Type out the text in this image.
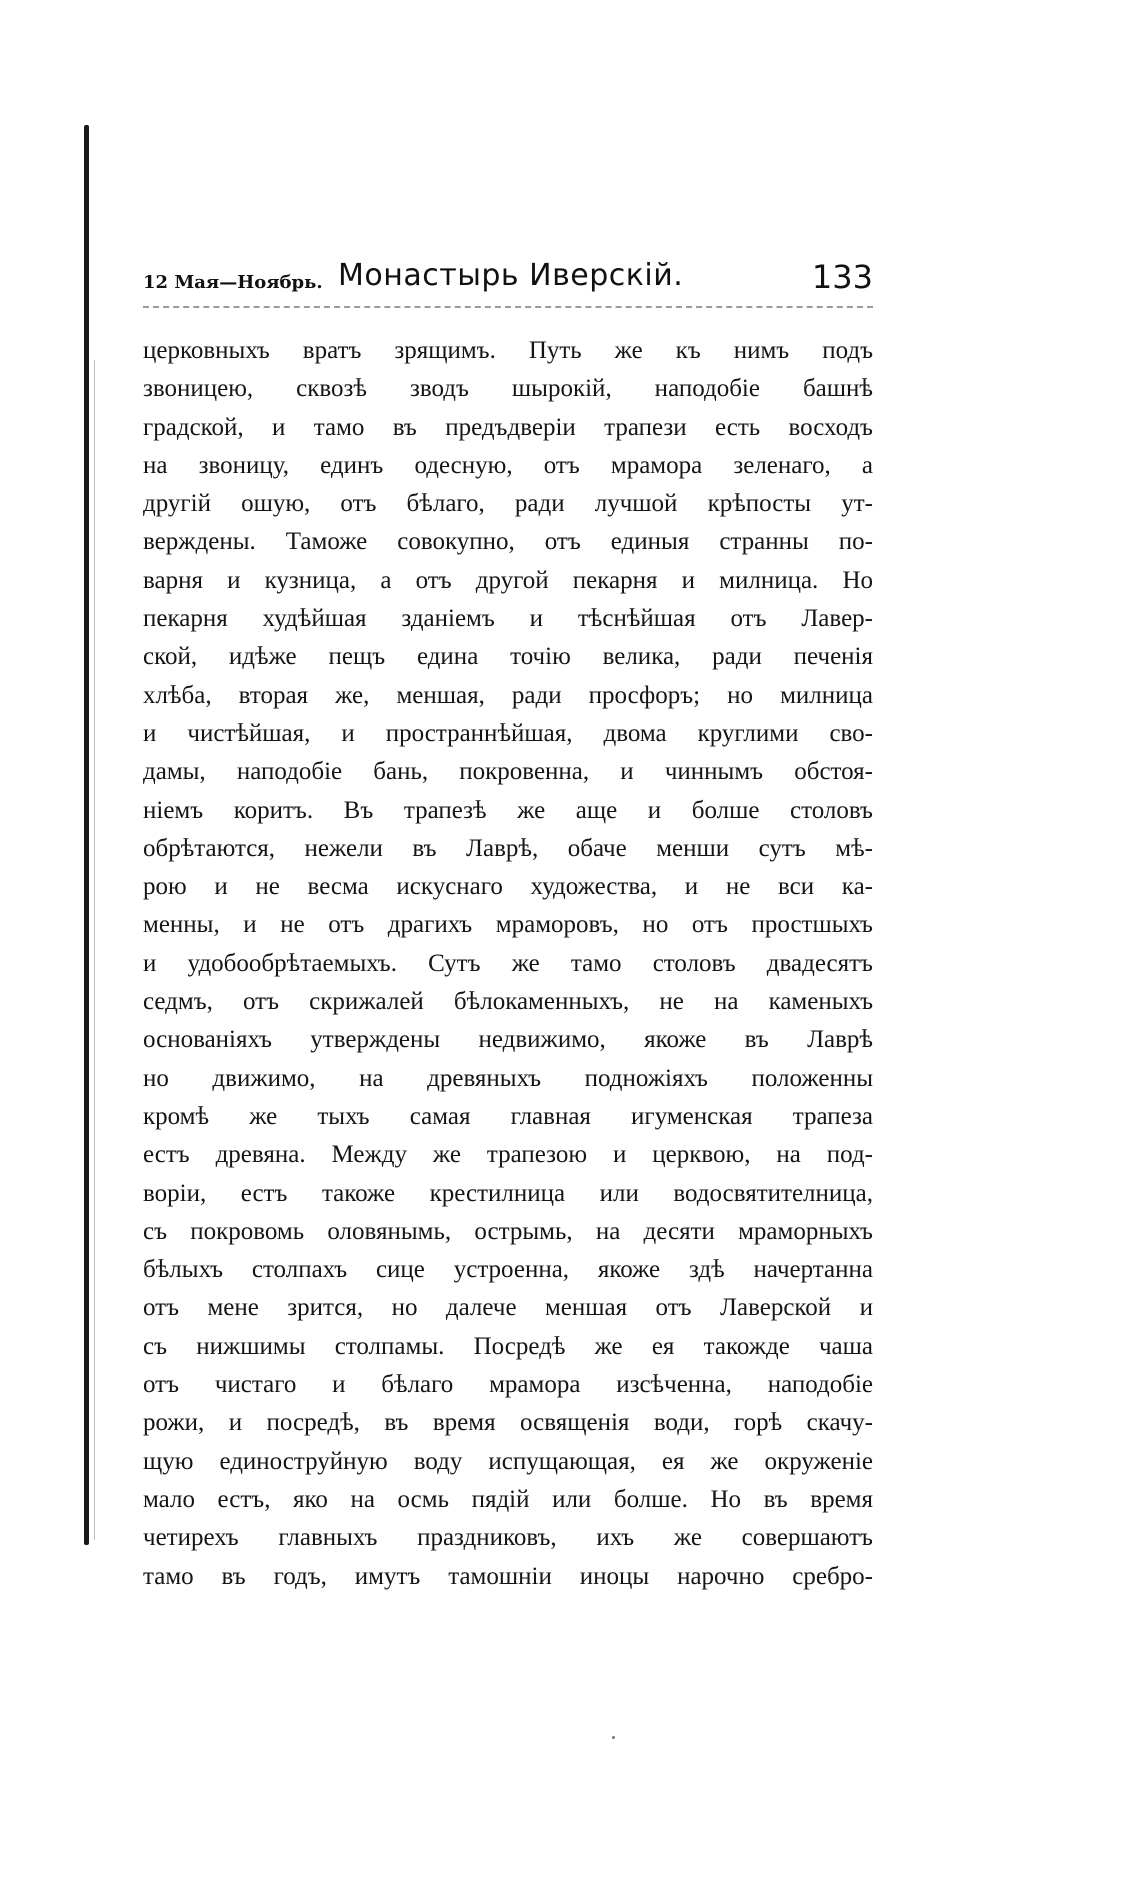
12 Мая—Ноябрь. Монастырь Иверскій.	133
церковныхъ вратъ зрящимъ. Путь же къ нимъ подъ
звоницею, сквозѣ зводъ шырокій, наподобіе башнѣ
градской, и тамо въ предъдверіи трапези есть восходъ
на звоницу, единъ одесную, отъ мрамора зеленаго, а
другій ошую, отъ бѣлаго, ради лучшой крѣпосты ут-
верждены. Таможе совокупно, отъ единыя странны по-
варня и кузница, а отъ другой пекарня и милница. Но
пекарня худѣйшая зданіемъ и тѣснѣйшая отъ Лавер-
ской, идѣже пещъ едина точію велика, ради печенія
хлѣба, вторая же, меншая, ради просфоръ; но милница
и чистѣйшая, и пространнѣйшая, двома круглими сво-
дамы, наподобіе бань, покровенна, и чиннымъ обстоя-
ніемъ коритъ. Въ трапезѣ же аще и болше столовъ
обрѣтаются, нежели въ Лаврѣ, обаче менши сутъ мѣ-
рою и не весма искуснаго художества, и не вси ка-
менны, и не отъ драгихъ мраморовъ, но отъ простшыхъ
и удобообрѣтаемыхъ. Сутъ же тамо столовъ двадесятъ
седмъ, отъ скрижалей бѣлокаменныхъ, не на каменыхъ
основаніяхъ утверждены недвижимо, якоже въ Лаврѣ
но движимо, на древяныхъ подножіяхъ положенны
кромѣ же тыхъ самая главная игуменская трапеза
естъ древяна. Между же трапезою и церквою, на под-
воріи, естъ такоже крестилница или водосвятителница,
съ покровомь оловянымь, острымь, на десяти мраморныхъ
бѣлыхъ столпахъ сице устроенна, якоже здѣ начертанна
отъ мене зрится, но далече меншая отъ Лаверской и
съ нижшимы столпамы. Посредѣ же ея такожде чаша
отъ чистаго и бѣлаго мрамора изсѣченна, наподобіе
рожи, и посредѣ, въ время освященія води, горѣ скачу-
щую единоструйную воду испущающая, ея же окруженіе
мало естъ, яко на осмь пядій или болше. Но въ время
четирехъ главныхъ праздниковъ, ихъ же совершаютъ
тамо въ годъ, имутъ тамошніи иноцы нарочно сребро-
